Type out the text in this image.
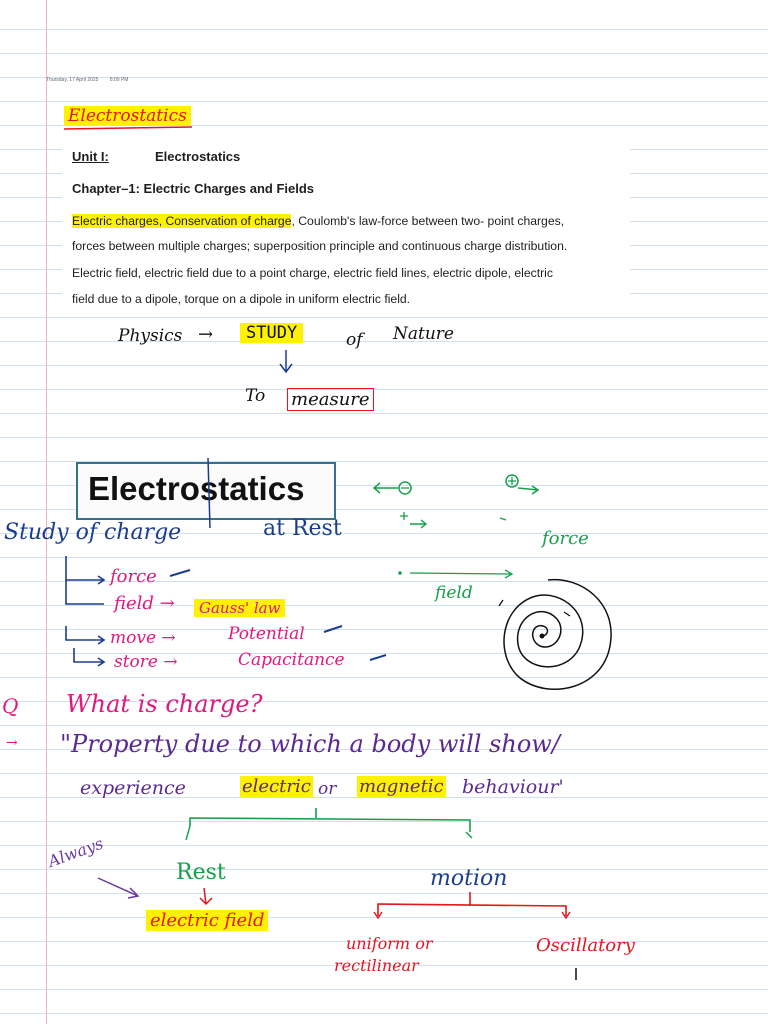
Thursday, 17 April 2025 8:09 PM
Electrostatics
Unit I:	Electrostatics
Chapter–1: Electric Charges and Fields
Electric charges, Conservation of charge, Coulomb's law-force between two- point charges,
forces between multiple charges; superposition principle and continuous charge distribution.
Electric field, electric field due to a point charge, electric field lines, electric dipole, electric
field due to a dipole, torque on a dipole in uniform electric field.
Physics →	STUDY	of Nature
To measure
Electrostatics
Study of charge	at Rest
force
field →	Gauss' law
move →	Potential
store →	Capacitance
force
field
Q What is charge?
→ "Property due to which a body will show/
experience	electric or magnetic behaviour'
Always
Rest	motion
electric field
uniform or
rectilinear
Oscillatory
